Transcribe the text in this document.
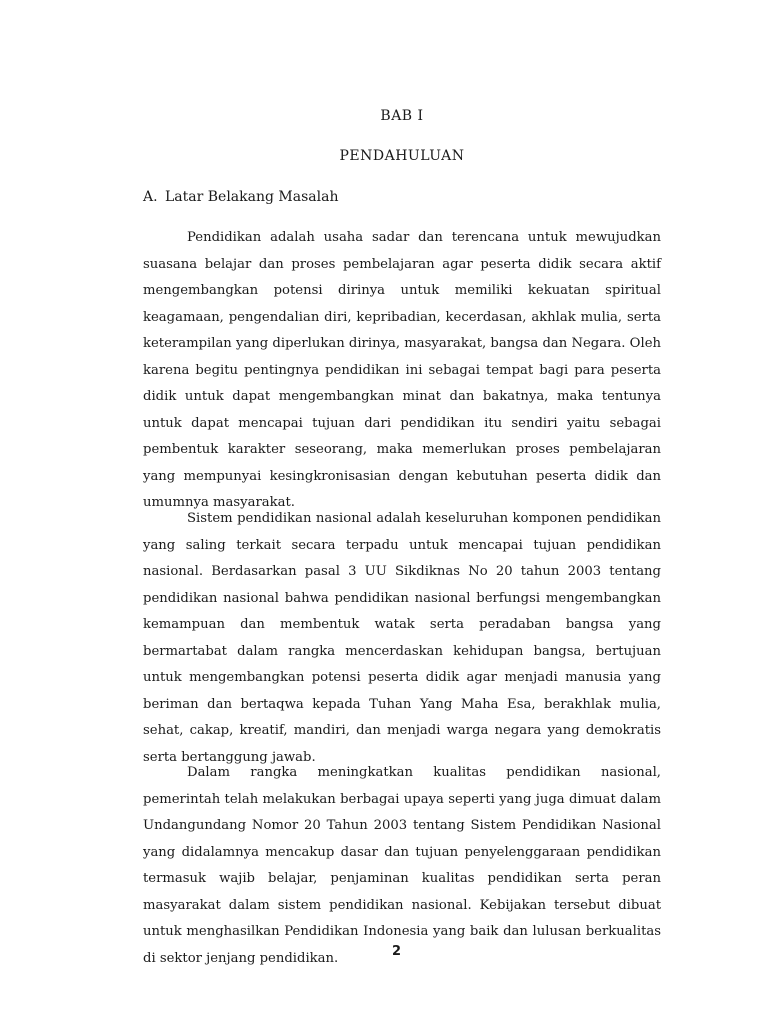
BAB I
PENDAHULUAN
A. Latar Belakang Masalah

Pendidikan adalah usaha sadar dan terencana untuk mewujudkan suasana belajar dan proses pembelajaran agar peserta didik secara aktif mengembangkan potensi dirinya untuk memiliki kekuatan spiritual keagamaan, pengendalian diri, kepribadian, kecerdasan, akhlak mulia, serta keterampilan yang diperlukan dirinya, masyarakat, bangsa dan Negara. Oleh karena begitu pentingnya pendidikan ini sebagai tempat bagi para peserta didik untuk dapat mengembangkan minat dan bakatnya, maka tentunya untuk dapat mencapai tujuan dari pendidikan itu sendiri yaitu sebagai pembentuk karakter seseorang, maka memerlukan proses pembelajaran yang mempunyai kesingkronisasian dengan kebutuhan peserta didik dan umumnya masyarakat.

Sistem pendidikan nasional adalah keseluruhan komponen pendidikan yang saling terkait secara terpadu untuk mencapai tujuan pendidikan nasional. Berdasarkan pasal 3 UU Sikdiknas No 20 tahun 2003 tentang pendidikan nasional bahwa pendidikan nasional berfungsi mengembangkan kemampuan dan membentuk watak serta peradaban bangsa yang bermartabat dalam rangka mencerdaskan kehidupan bangsa, bertujuan untuk mengembangkan potensi peserta didik agar menjadi manusia yang beriman dan bertaqwa kepada Tuhan Yang Maha Esa, berakhlak mulia, sehat, cakap, kreatif, mandiri, dan menjadi warga negara yang demokratis serta bertanggung jawab.

Dalam rangka meningkatkan kualitas pendidikan nasional, pemerintah telah melakukan berbagai upaya seperti yang juga dimuat dalam Undangundang Nomor 20 Tahun 2003 tentang Sistem Pendidikan Nasional yang didalamnya mencakup dasar dan tujuan penyelenggaraan pendidikan termasuk wajib belajar, penjaminan kualitas pendidikan serta peran masyarakat dalam sistem pendidikan nasional. Kebijakan tersebut dibuat untuk menghasilkan Pendidikan Indonesia yang baik dan lulusan berkualitas di sektor jenjang pendidikan.	2
